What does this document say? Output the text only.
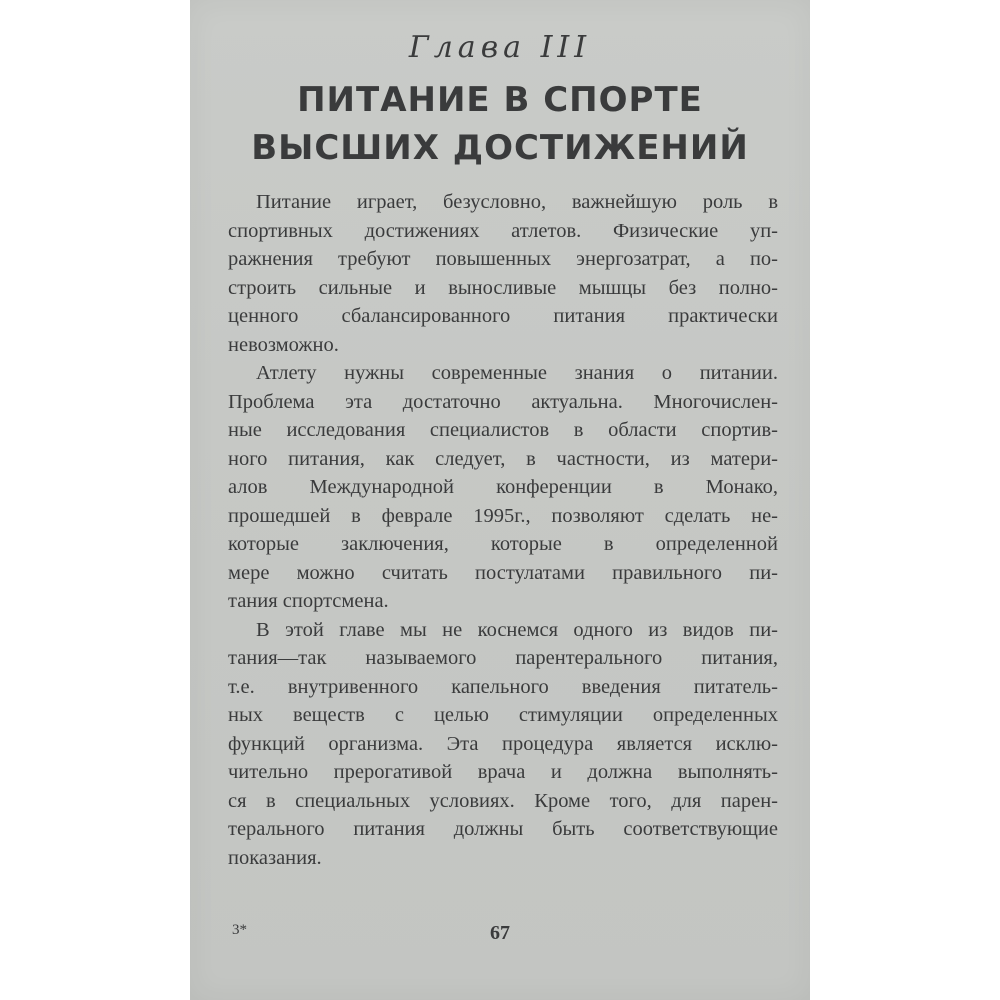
Глава III
ПИТАНИЕ В СПОРТЕ
ВЫСШИХ ДОСТИЖЕНИЙ
Питание играет, безусловно, важнейшую роль в
спортивных достижениях атлетов. Физические уп-
ражнения требуют повышенных энергозатрат, а по-
строить сильные и выносливые мышцы без полно-
ценного сбалансированного питания практически
невозможно.
Атлету нужны современные знания о питании.
Проблема эта достаточно актуальна. Многочислен-
ные исследования специалистов в области спортив-
ного питания, как следует, в частности, из матери-
алов Международной конференции в Монако,
прошедшей в феврале 1995г., позволяют сделать не-
которые заключения, которые в определенной
мере можно считать постулатами правильного пи-
тания спортсмена.
В этой главе мы не коснемся одного из видов пи-
тания—так называемого парентерального питания,
т.е. внутривенного капельного введения питатель-
ных веществ с целью стимуляции определенных
функций организма. Эта процедура является исклю-
чительно прерогативой врача и должна выполнять-
ся в специальных условиях. Кроме того, для парен-
терального питания должны быть соответствующие
показания.
3*	67
